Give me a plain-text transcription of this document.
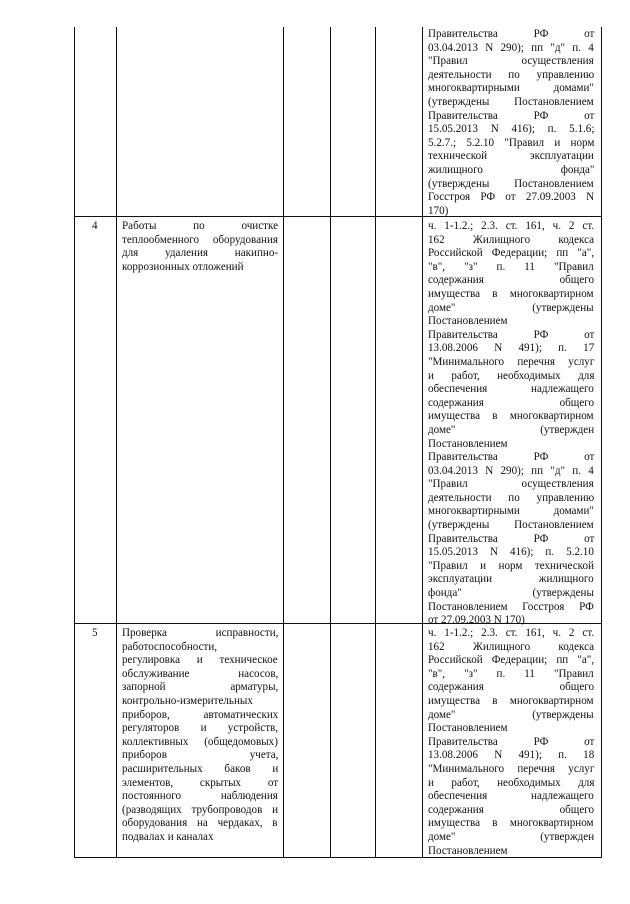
Правительства РФ от
03.04.2013 N 290); пп "д" п. 4
"Правил осуществления
деятельности по управлению
многоквартирными домами"
(утверждены Постановлением
Правительства РФ от
15.05.2013 N 416); п. 5.1.6;
5.2.7.; 5.2.10 "Правил и норм
технической эксплуатации
жилищного фонда"
(утверждены Постановлением
Госстроя РФ от 27.09.2003 N
170)
4 Работы по очистке
теплообменного оборудования
для удаления накипно-
коррозионных отложений
ч. 1-1.2.; 2.3. ст. 161, ч. 2 ст.
162 Жилищного кодекса
Российской Федерации; пп "а",
"в", "з" п. 11 "Правил
содержания общего
имущества в многоквартирном
доме" (утверждены
Постановлением
Правительства РФ от
13.08.2006 N 491); п. 17
"Минимального перечня услуг
и работ, необходимых для
обеспечения надлежащего
содержания общего
имущества в многоквартирном
доме" (утвержден
Постановлением
Правительства РФ от
03.04.2013 N 290); пп "д" п. 4
"Правил осуществления
деятельности по управлению
многоквартирными домами"
(утверждены Постановлением
Правительства РФ от
15.05.2013 N 416); п. 5.2.10
"Правил и норм технической
эксплуатации жилищного
фонда" (утверждены
Постановлением Госстроя РФ
от 27.09.2003 N 170)
5 Проверка исправности,
работоспособности,
регулировка и техническое
обслуживание насосов,
запорной арматуры,
контрольно-измерительных
приборов, автоматических
регуляторов и устройств,
коллективных (общедомовых)
приборов учета,
расширительных баков и
элементов, скрытых от
постоянного наблюдения
(разводящих трубопроводов и
оборудования на чердаках, в
подвалах и каналах
ч. 1-1.2.; 2.3. ст. 161, ч. 2 ст.
162 Жилищного кодекса
Российской Федерации; пп "а",
"в", "з" п. 11 "Правил
содержания общего
имущества в многоквартирном
доме" (утверждены
Постановлением
Правительства РФ от
13.08.2006 N 491); п. 18
"Минимального перечня услуг
и работ, необходимых для
обеспечения надлежащего
содержания общего
имущества в многоквартирном
доме" (утвержден
Постановлением
